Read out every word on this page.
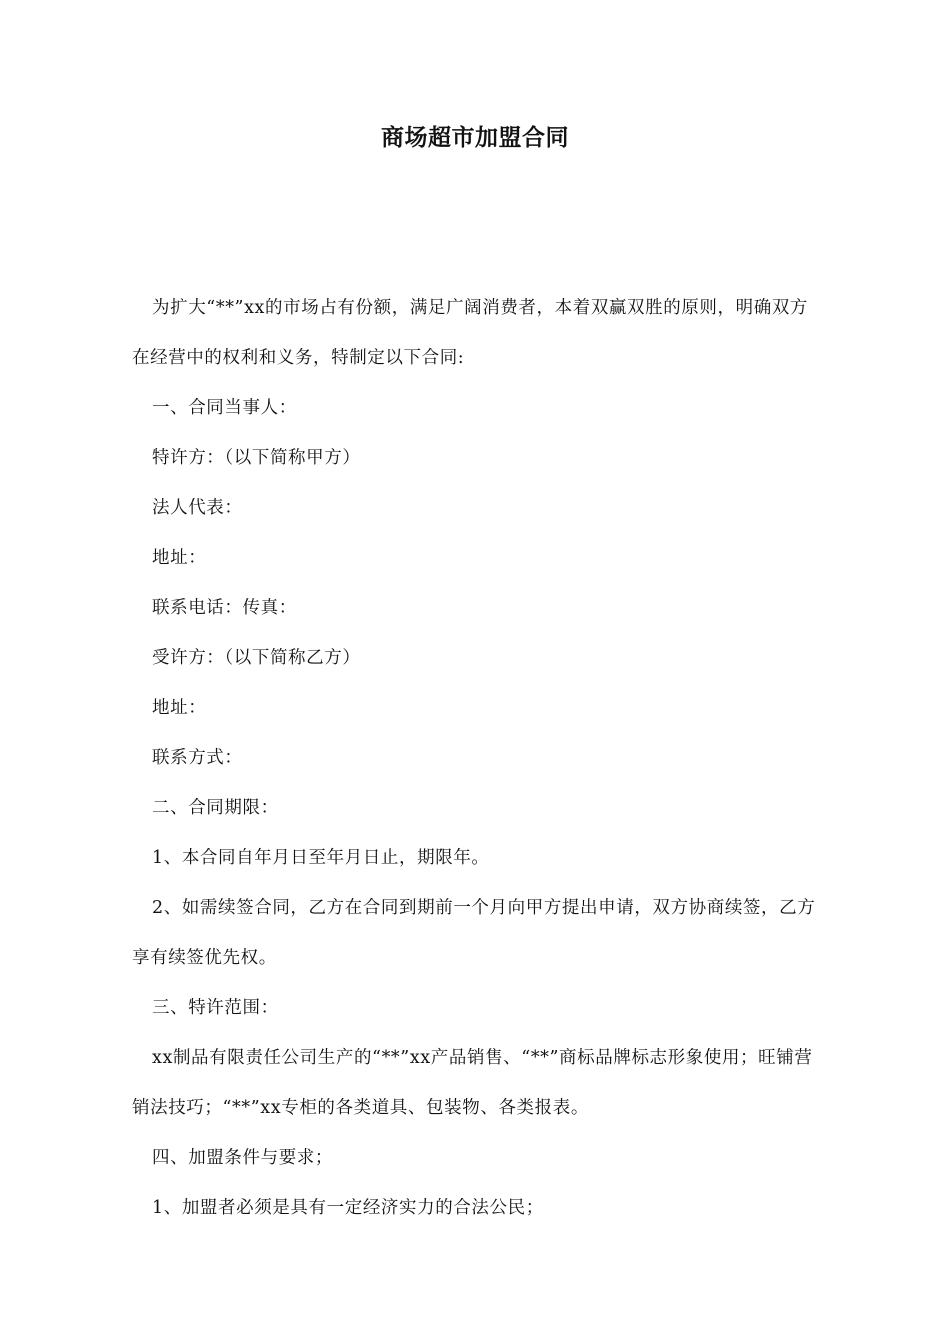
商场超市加盟合同

为扩大“**”xx的市场占有份额，满足广阔消费者，本着双赢双胜的原则，明确双方在经营中的权利和义务，特制定以下合同:

一、合同当事人：

特许方：（以下简称甲方）

法人代表：

地址：

联系电话：传真：

受许方：（以下简称乙方）

地址：

联系方式：

二、合同期限：

1、本合同自年月日至年月日止，期限年。

2、如需续签合同，乙方在合同到期前一个月向甲方提出申请，双方协商续签，乙方享有续签优先权。

三、特许范围：

xx制品有限责任公司生产的“**”xx产品销售、“**”商标品牌标志形象使用；旺铺营销法技巧；“**”xx专柜的各类道具、包装物、各类报表。

四、加盟条件与要求；

1、加盟者必须是具有一定经济实力的合法公民；
